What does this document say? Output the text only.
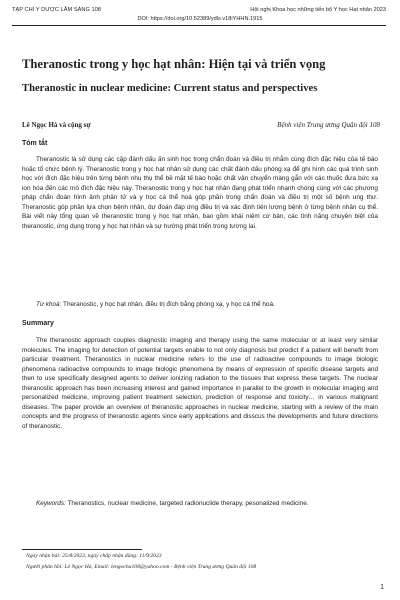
TẠP CHÍ Y DƯỢC LÂM SÀNG 108	Hội nghị Khoa học những tiến bộ Y học Hạt nhân 2023
DOI: https://doi.org/10.52389/ydls.v18iYHHN.1915
Theranostic trong y học hạt nhân: Hiện tại và triển vọng
Theranostic in nuclear medicine: Current status and perspectives
Lê Ngọc Hà và cộng sự	Bệnh viện Trung ương Quân đội 108
Tóm tắt

Theranostic là sử dụng các cặp đánh dấu ấn sinh học trong chẩn đoán và điều trị nhắm cùng đích đặc hiệu của tế bào hoặc tổ chức bệnh lý. Theranostic trong y học hạt nhân sử dụng các chất đánh dấu phóng xạ để ghi hình các quá trình sinh học với đích đặc hiệu trên từng bệnh nhu thụ thể bề mặt tế bào hoặc chất vận chuyển màng gắn với các thuốc đưa bức xạ ion hóa đến các mô đích đặc hiệu này. Theranostic trong y học hạt nhân đang phát triển nhanh chóng cùng với các phương pháp chẩn đoán hình ảnh phân tử và y học cá thể hoá góp phần trong chẩn đoán và điều trị một số bệnh ung thư. Theranostic góp phần lựa chọn bệnh nhân, dự đoán đáp ứng điều trị và xác định tiên lượng bệnh ở từng bệnh nhân cụ thể. Bài viết này tổng quan về theranostic trong y học hạt nhân, bao gồm khái niệm cơ bản, các tình năng chuyên biệt của theranostic, ứng dụng trong y học hạt nhân và sự hướng phát triển trong tương lai.

Từ khoá: Theranostic, y học hạt nhân, điều trị đích bằng phóng xạ, y học cá thể hoá.
Summary

The theranostic approach couples diagnostic imaging and therapy using the same molecular or at least very similar molecules. The imaging for detection of potential targets enable to not only diagnosis but predict if a patient will benefit from particular treatment. Theranostics in nuclear medicine refers to the use of radioactive compounds to image biologic phenomena radioactive compounds to image biologic phenomena by means of expression of specific disease targets and then to use specifically designed agents to deliver ionizing radiation to the tissues that express these targets. The nuclear theranostic approach has been increasing interest and gained importance in parallel to the growth in molecular imaging and personalized medicine, improving patient treatment selection, prediction of response and toxicity… in various malignant diseases. The paper provide an overview of theranostic approaches in nuclear medicine, starting with a review of the main concepts and the progress of theranostic agents since early applications and disscus the developments and future directions of theranostic.

Keywords: Theranostics, nuclear medicine, targeted radionuclide therapy, pesonalized medicine.
Ngày nhận bài: 25/8/2023, ngày chấp nhận đăng: 11/9/2023
Người phản hồi: Lê Ngọc Hà, Email: lengocha108@yahoo.com - Bệnh viện Trung ương Quân đội 108
1
